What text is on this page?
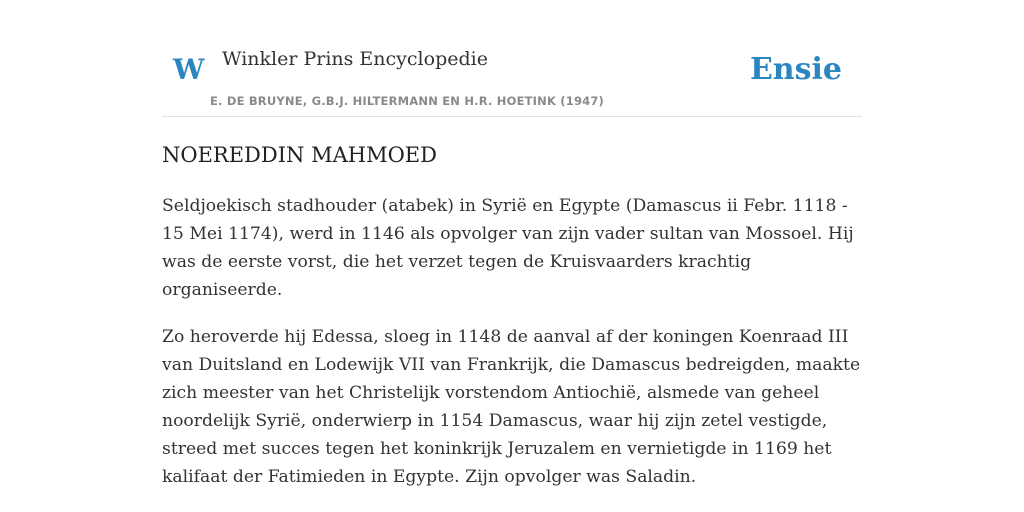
W Winkler Prins Encyclopedie
E. DE BRUYNE, G.B.J. HILTERMANN EN H.R. HOETINK (1947)
Ensie
NOEREDDIN MAHMOED

Seldjoekisch stadhouder (atabek) in Syrië en Egypte (Damascus ii Febr. 1118 - 15 Mei 1174), werd in 1146 als opvolger van zijn vader sultan van Mossoel. Hij was de eerste vorst, die het verzet tegen de Kruisvaarders krachtig organiseerde.

Zo heroverde hij Edessa, sloeg in 1148 de aanval af der koningen Koenraad III van Duitsland en Lodewijk VII van Frankrijk, die Damascus bedreigden, maakte zich meester van het Christelijk vorstendom Antiochië, alsmede van geheel noordelijk Syrië, onderwierp in 1154 Damascus, waar hij zijn zetel vestigde, streed met succes tegen het koninkrijk Jeruzalem en vernietigde in 1169 het kalifaat der Fatimieden in Egypte. Zijn opvolger was Saladin.
